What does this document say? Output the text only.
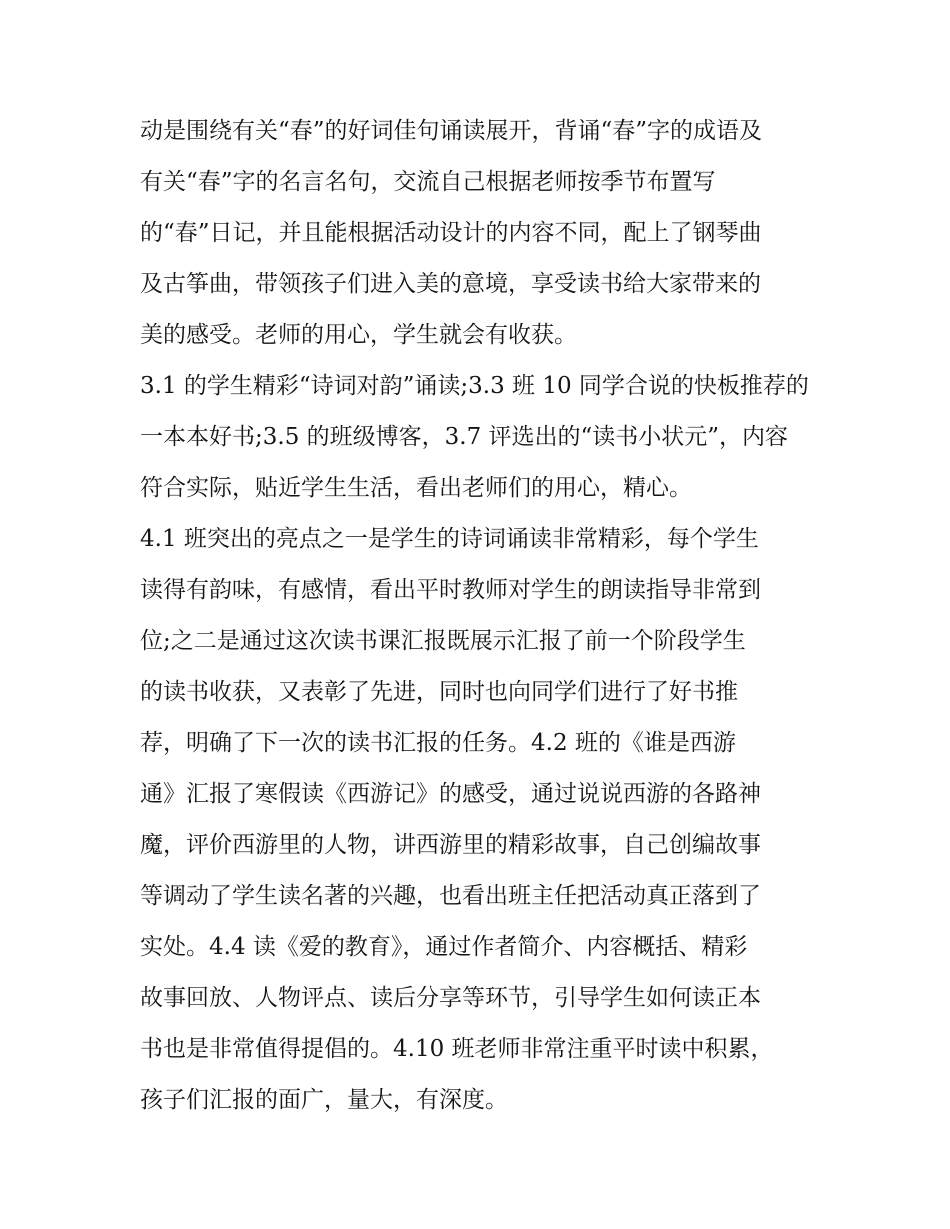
动是围绕有关“春”的好词佳句诵读展开，背诵“春”字的成语及

有关“春”字的名言名句，交流自己根据老师按季节布置写

的“春”日记，并且能根据活动设计的内容不同，配上了钢琴曲

及古筝曲，带领孩子们进入美的意境，享受读书给大家带来的

美的感受。老师的用心，学生就会有收获。

3.1 的学生精彩“诗词对韵”诵读;3.3 班 10 同学合说的快板推荐的

一本本好书;3.5 的班级博客，3.7 评选出的“读书小状元”，内容

符合实际，贴近学生生活，看出老师们的用心，精心。

4.1 班突出的亮点之一是学生的诗词诵读非常精彩，每个学生

读得有韵味，有感情，看出平时教师对学生的朗读指导非常到

位;之二是通过这次读书课汇报既展示汇报了前一个阶段学生

的读书收获，又表彰了先进，同时也向同学们进行了好书推

荐，明确了下一次的读书汇报的任务。4.2 班的《谁是西游

通》汇报了寒假读《西游记》的感受，通过说说西游的各路神

魔，评价西游里的人物，讲西游里的精彩故事，自己创编故事

等调动了学生读名著的兴趣，也看出班主任把活动真正落到了

实处。4.4 读《爱的教育》，通过作者简介、内容概括、精彩

故事回放、人物评点、读后分享等环节，引导学生如何读正本

书也是非常值得提倡的。4.10 班老师非常注重平时读中积累，

孩子们汇报的面广，量大，有深度。
